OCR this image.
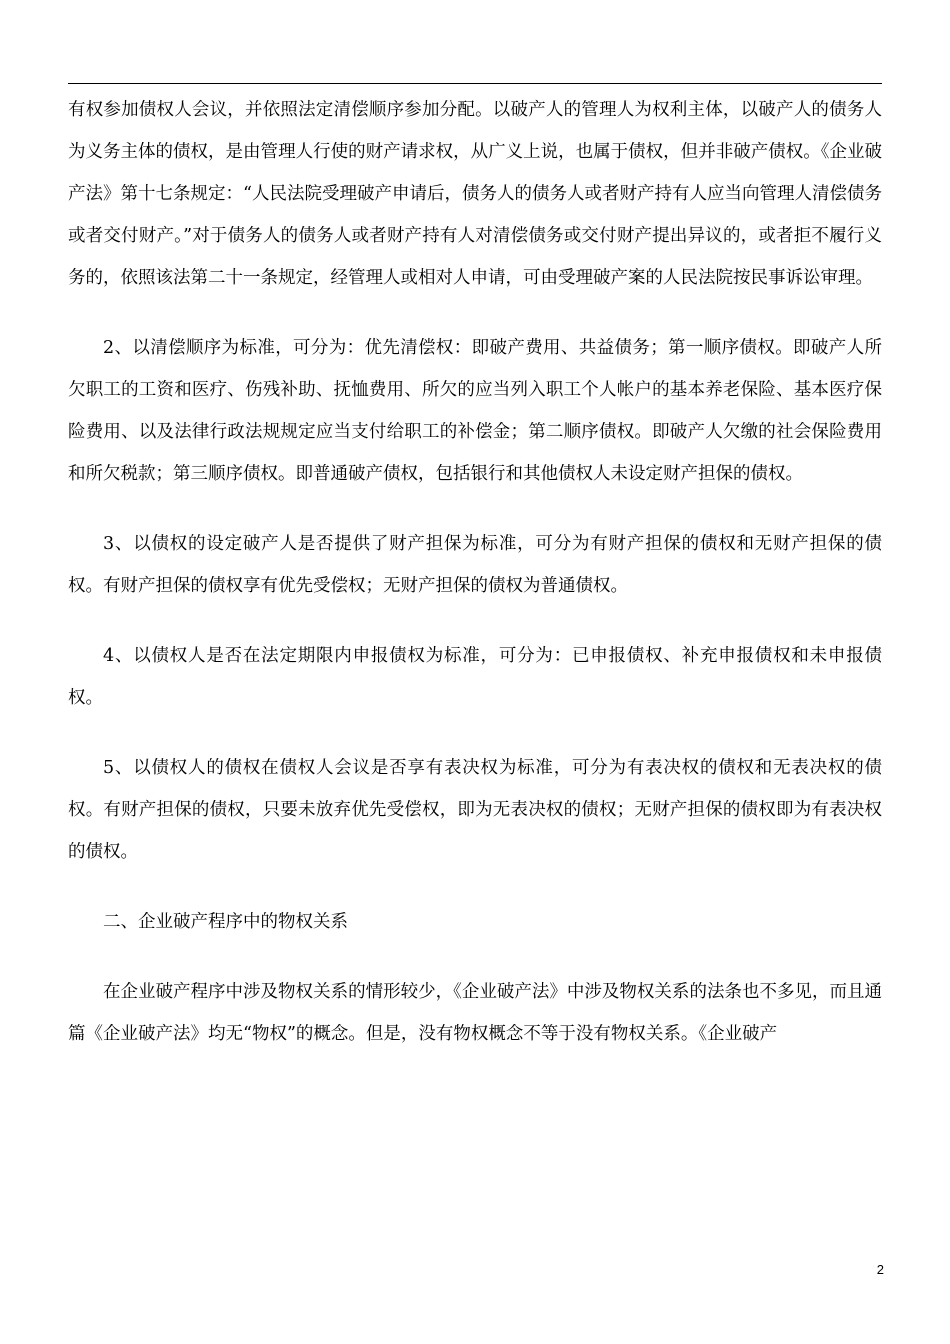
有权参加债权人会议，并依照法定清偿顺序参加分配。以破产人的管理人为权利主体，以破产人的债务人为义务主体的债权，是由管理人行使的财产请求权，从广义上说，也属于债权，但并非破产债权。《企业破产法》第十七条规定：“人民法院受理破产申请后，债务人的债务人或者财产持有人应当向管理人清偿债务或者交付财产。”对于债务人的债务人或者财产持有人对清偿债务或交付财产提出异议的，或者拒不履行义务的，依照该法第二十一条规定，经管理人或相对人申请，可由受理破产案的人民法院按民事诉讼审理。

2、以清偿顺序为标准，可分为：优先清偿权：即破产费用、共益债务；第一顺序债权。即破产人所欠职工的工资和医疗、伤残补助、抚恤费用、所欠的应当列入职工个人帐户的基本养老保险、基本医疗保险费用、以及法律行政法规规定应当支付给职工的补偿金；第二顺序债权。即破产人欠缴的社会保险费用和所欠税款；第三顺序债权。即普通破产债权，包括银行和其他债权人未设定财产担保的债权。

3、以债权的设定破产人是否提供了财产担保为标准，可分为有财产担保的债权和无财产担保的债权。有财产担保的债权享有优先受偿权；无财产担保的债权为普通债权。

4、以债权人是否在法定期限内申报债权为标准，可分为：已申报债权、补充申报债权和未申报债权。

5、以债权人的债权在债权人会议是否享有表决权为标准，可分为有表决权的债权和无表决权的债权。有财产担保的债权，只要未放弃优先受偿权，即为无表决权的债权；无财产担保的债权即为有表决权的债权。

二、企业破产程序中的物权关系

在企业破产程序中涉及物权关系的情形较少，《企业破产法》中涉及物权关系的法条也不多见，而且通篇《企业破产法》均无“物权”的概念。但是，没有物权概念不等于没有物权关系。《企业破产

2
